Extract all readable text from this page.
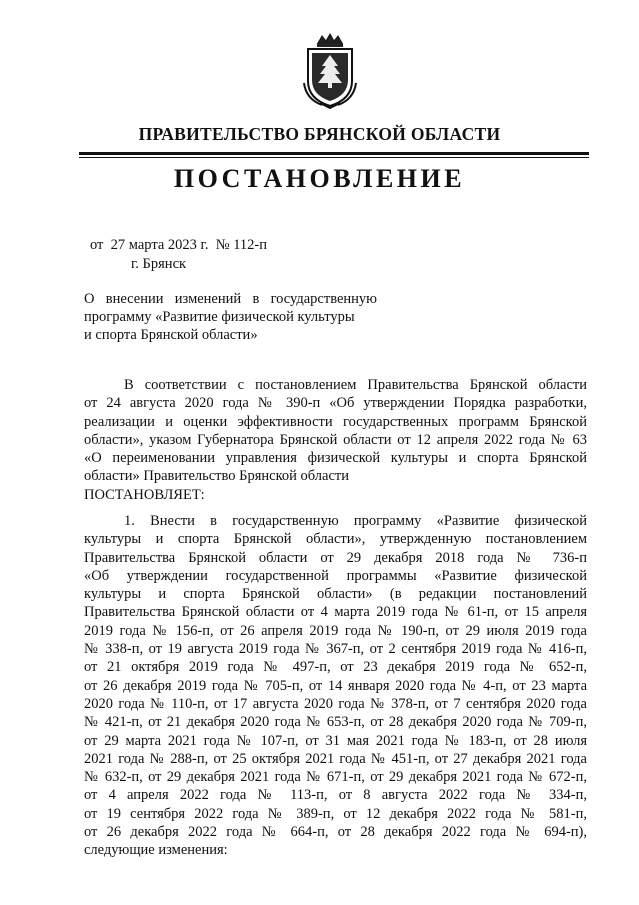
ПРАВИТЕЛЬСТВО БРЯНСКОЙ ОБЛАСТИ
ПОСТАНОВЛЕНИЕ
от  27 марта 2023 г.  № 112-п
г. Брянск
О внесении изменений в государственную
программу «Развитие физической культуры
и спорта Брянской области»
В соответствии с постановлением Правительства Брянской области
от 24 августа 2020 года № 390-п «Об утверждении Порядка разработки,
реализации и оценки эффективности государственных программ Брянской
области», указом Губернатора Брянской области от 12 апреля 2022 года № 63
«О переименовании управления физической культуры и спорта Брянской
области» Правительство Брянской области
ПОСТАНОВЛЯЕТ:
1. Внести в государственную программу «Развитие физической
культуры и спорта Брянской области», утвержденную постановлением
Правительства Брянской области от 29 декабря 2018 года № 736-п
«Об утверждении государственной программы «Развитие физической
культуры и спорта Брянской области» (в редакции постановлений
Правительства Брянской области от 4 марта 2019 года № 61-п, от 15 апреля
2019 года № 156-п, от 26 апреля 2019 года № 190-п, от 29 июля 2019 года
№ 338-п, от 19 августа 2019 года № 367-п, от 2 сентября 2019 года № 416-п,
от 21 октября 2019 года № 497-п, от 23 декабря 2019 года № 652-п,
от 26 декабря 2019 года № 705-п, от 14 января 2020 года № 4-п, от 23 марта
2020 года № 110-п, от 17 августа 2020 года № 378-п, от 7 сентября 2020 года
№ 421-п, от 21 декабря 2020 года № 653-п, от 28 декабря 2020 года № 709-п,
от 29 марта 2021 года № 107-п, от 31 мая 2021 года № 183-п, от 28 июля
2021 года № 288-п, от 25 октября 2021 года № 451-п, от 27 декабря 2021 года
№ 632-п, от 29 декабря 2021 года № 671-п, от 29 декабря 2021 года № 672-п,
от 4 апреля 2022 года № 113-п, от 8 августа 2022 года № 334-п,
от 19 сентября 2022 года № 389-п, от 12 декабря 2022 года № 581-п,
от 26 декабря 2022 года № 664-п, от 28 декабря 2022 года № 694-п),
следующие изменения:
